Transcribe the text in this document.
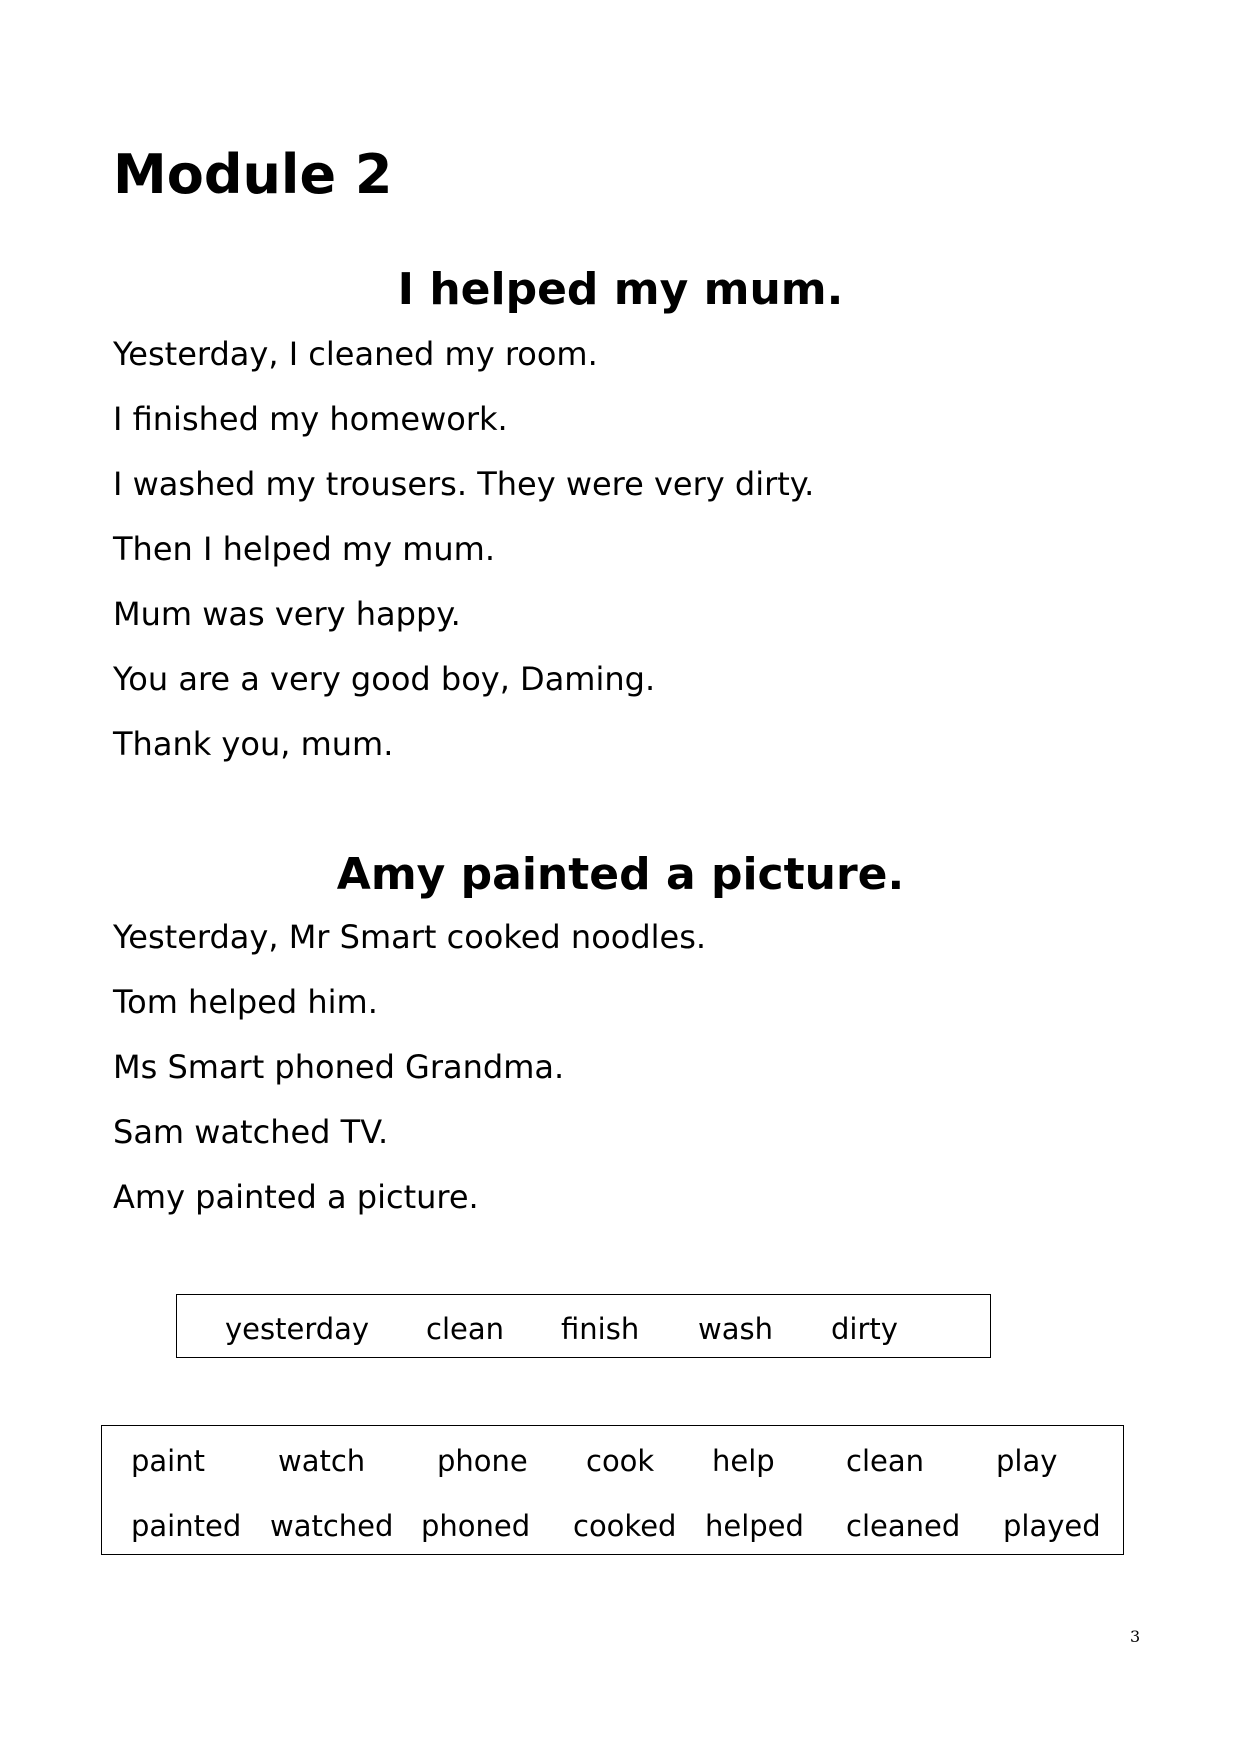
Module 2
I helped my mum.
Yesterday, I cleaned my room.
I finished my homework.
I washed my trousers. They were very dirty.
Then I helped my mum.
Mum was very happy.
You are a very good boy, Daming.
Thank you, mum.
Amy painted a picture.
Yesterday, Mr Smart cooked noodles.
Tom helped him.
Ms Smart phoned Grandma.
Sam watched TV.
Amy painted a picture.
yesterday clean finish wash dirty
paint	watch phone cook help clean play
painted watched phoned cooked helped cleaned played
3
